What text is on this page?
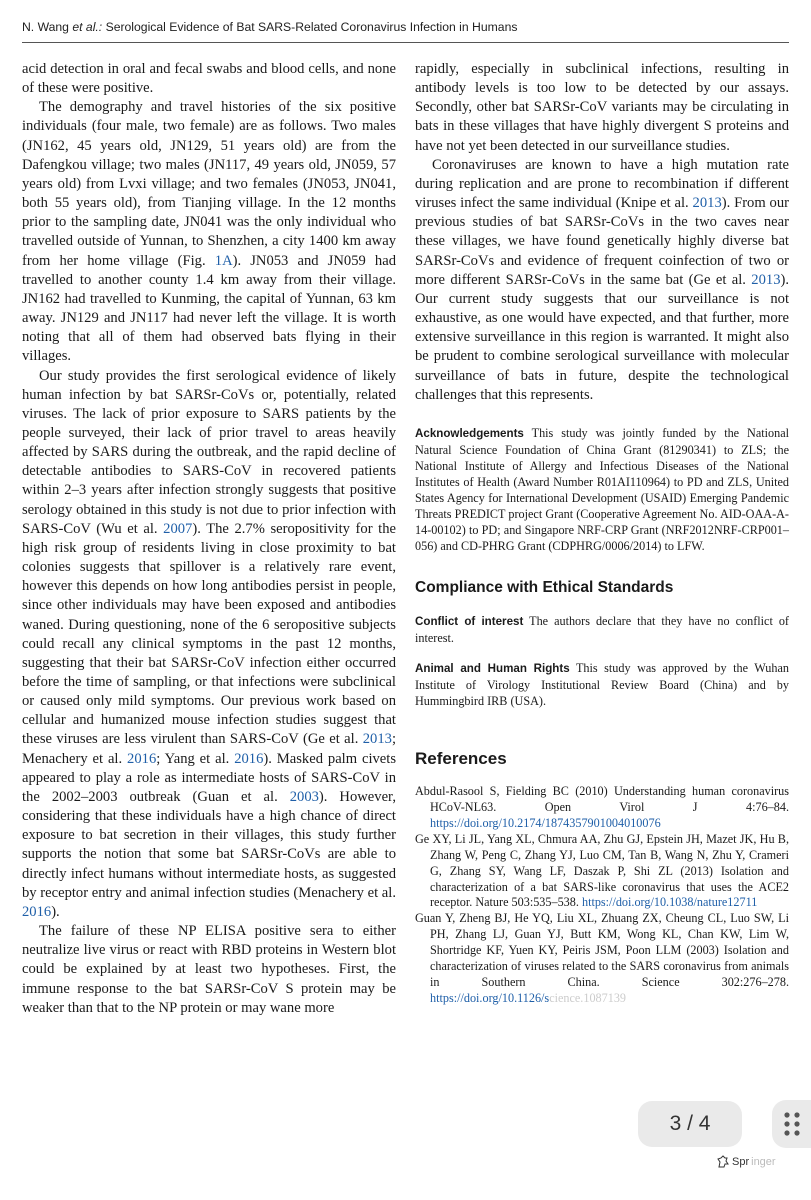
N. Wang et al.: Serological Evidence of Bat SARS-Related Coronavirus Infection in Humans

acid detection in oral and fecal swabs and blood cells, and none of these were positive.

The demography and travel histories of the six positive individuals (four male, two female) are as follows. Two males (JN162, 45 years old, JN129, 51 years old) are from the Dafengkou village; two males (JN117, 49 years old, JN059, 57 years old) from Lvxi village; and two females (JN053, JN041, both 55 years old), from Tianjing village. In the 12 months prior to the sampling date, JN041 was the only individual who travelled outside of Yunnan, to Shenzhen, a city 1400 km away from her home village (Fig. 1A). JN053 and JN059 had travelled to another county 1.4 km away from their village. JN162 had travelled to Kunming, the capital of Yunnan, 63 km away. JN129 and JN117 had never left the village. It is worth noting that all of them had observed bats flying in their villages.

Our study provides the first serological evidence of likely human infection by bat SARSr-CoVs or, potentially, related viruses. The lack of prior exposure to SARS patients by the people surveyed, their lack of prior travel to areas heavily affected by SARS during the outbreak, and the rapid decline of detectable antibodies to SARS-CoV in recovered patients within 2–3 years after infection strongly suggests that positive serology obtained in this study is not due to prior infection with SARS-CoV (Wu et al. 2007). The 2.7% seropositivity for the high risk group of residents living in close proximity to bat colonies suggests that spillover is a relatively rare event, however this depends on how long antibodies persist in people, since other individuals may have been exposed and antibodies waned. During questioning, none of the 6 seropositive subjects could recall any clinical symptoms in the past 12 months, suggesting that their bat SARSr-CoV infection either occurred before the time of sampling, or that infections were subclinical or caused only mild symptoms. Our previous work based on cellular and humanized mouse infection studies suggest that these viruses are less virulent than SARS-CoV (Ge et al. 2013; Menachery et al. 2016; Yang et al. 2016). Masked palm civets appeared to play a role as intermediate hosts of SARS-CoV in the 2002–2003 outbreak (Guan et al. 2003). However, considering that these individuals have a high chance of direct exposure to bat secretion in their villages, this study further supports the notion that some bat SARSr-CoVs are able to directly infect humans without intermediate hosts, as suggested by receptor entry and animal infection studies (Menachery et al. 2016).

The failure of these NP ELISA positive sera to either neutralize live virus or react with RBD proteins in Western blot could be explained by at least two hypotheses. First, the immune response to the bat SARSr-CoV S protein may be weaker than that to the NP protein or may wane more

rapidly, especially in subclinical infections, resulting in antibody levels is too low to be detected by our assays. Secondly, other bat SARSr-CoV variants may be circulating in bats in these villages that have highly divergent S proteins and have not yet been detected in our surveillance studies.

Coronaviruses are known to have a high mutation rate during replication and are prone to recombination if different viruses infect the same individual (Knipe et al. 2013). From our previous studies of bat SARSr-CoVs in the two caves near these villages, we have found genetically highly diverse bat SARSr-CoVs and evidence of frequent coinfection of two or more different SARSr-CoVs in the same bat (Ge et al. 2013). Our current study suggests that our surveillance is not exhaustive, as one would have expected, and that further, more extensive surveillance in this region is warranted. It might also be prudent to combine serological surveillance with molecular surveillance of bats in future, despite the technological challenges that this represents.

Acknowledgements This study was jointly funded by the National Natural Science Foundation of China Grant (81290341) to ZLS; the National Institute of Allergy and Infectious Diseases of the National Institutes of Health (Award Number R01AI110964) to PD and ZLS, United States Agency for International Development (USAID) Emerging Pandemic Threats PREDICT project Grant (Cooperative Agreement No. AID-OAA-A-14-00102) to PD; and Singapore NRF-CRP Grant (NRF2012NRF-CRP001–056) and CD-PHRG Grant (CDPHRG/0006/2014) to LFW.

Compliance with Ethical Standards

Conflict of interest The authors declare that they have no conflict of interest.

Animal and Human Rights This study was approved by the Wuhan Institute of Virology Institutional Review Board (China) and by Hummingbird IRB (USA).

References

Abdul-Rasool S, Fielding BC (2010) Understanding human coronavirus HCoV-NL63. Open Virol J 4:76–84. https://doi.org/10.2174/1874357901004010076

Ge XY, Li JL, Yang XL, Chmura AA, Zhu GJ, Epstein JH, Mazet JK, Hu B, Zhang W, Peng C, Zhang YJ, Luo CM, Tan B, Wang N, Zhu Y, Crameri G, Zhang SY, Wang LF, Daszak P, Shi ZL (2013) Isolation and characterization of a bat SARS-like coronavirus that uses the ACE2 receptor. Nature 503:535–538. https://doi.org/10.1038/nature12711

Guan Y, Zheng BJ, He YQ, Liu XL, Zhuang ZX, Cheung CL, Luo SW, Li PH, Zhang LJ, Guan YJ, Butt KM, Wong KL, Chan KW, Lim W, Shortridge KF, Yuen KY, Peiris JSM, Poon LLM (2003) Isolation and characterization of viruses related to the SARS coronavirus from animals in Southern China. Science 302:276–278. https://doi.org/10.1126/science.1087139

3 / 4
Spr inger
